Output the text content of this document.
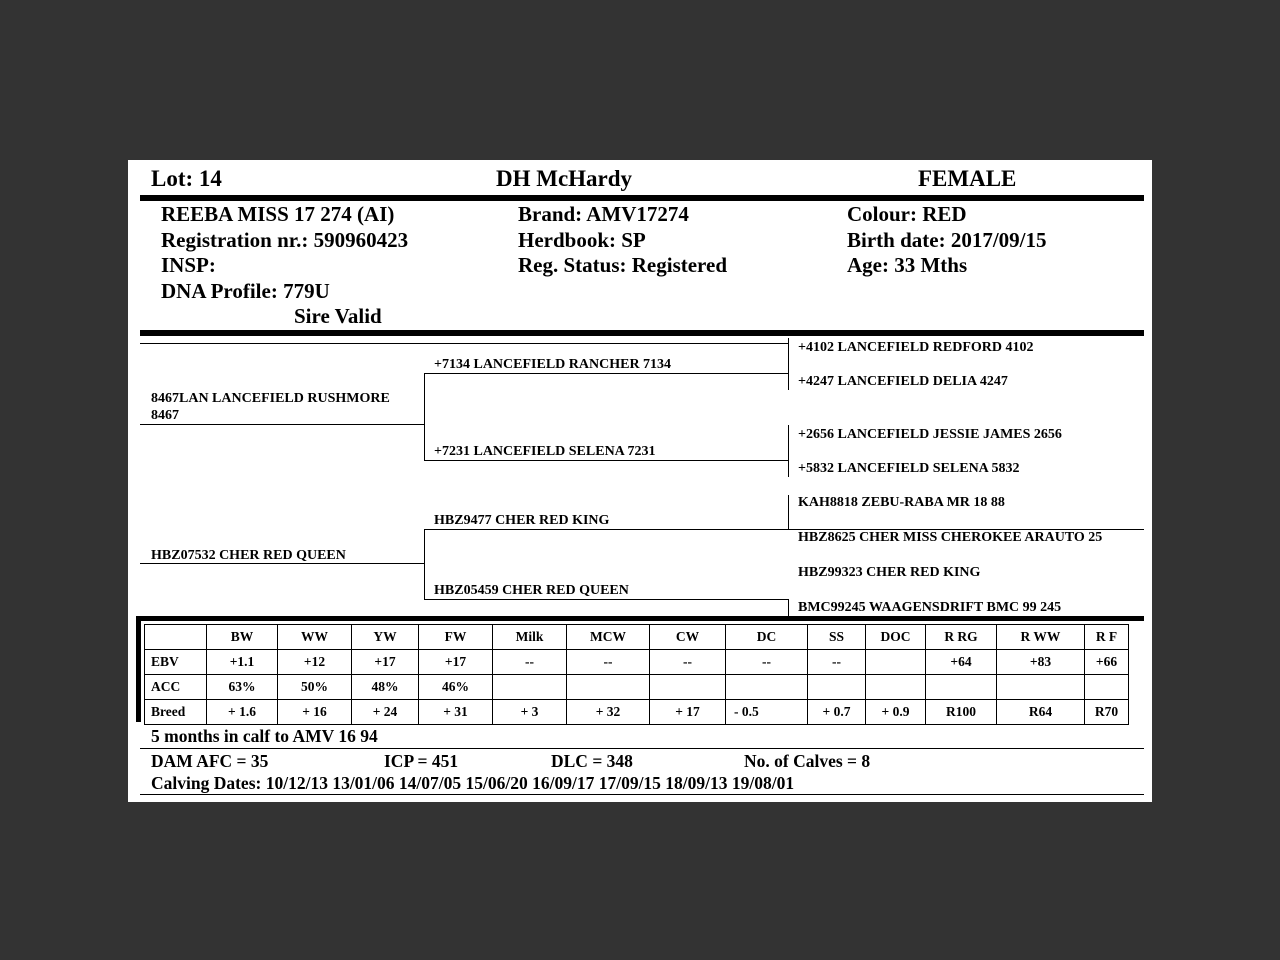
Lot: 14	DH McHardy	FEMALE
REEBA MISS 17 274 (AI)
Registration nr.: 590960423
INSP:
DNA Profile: 779U
Sire Valid
Brand: AMV17274
Herdbook: SP
Reg. Status: Registered
Colour: RED
Birth date: 2017/09/15
Age: 33 Mths
8467LAN LANCEFIELD RUSHMORE
8467
HBZ07532 CHER RED QUEEN
+7134 LANCEFIELD RANCHER 7134
+7231 LANCEFIELD SELENA 7231
HBZ9477 CHER RED KING
HBZ05459 CHER RED QUEEN
+4102 LANCEFIELD REDFORD 4102
+4247 LANCEFIELD DELIA 4247
+2656 LANCEFIELD JESSIE JAMES 2656
+5832 LANCEFIELD SELENA 5832
KAH8818 ZEBU-RABA MR 18 88
HBZ8625 CHER MISS CHEROKEE ARAUTO 25
HBZ99323 CHER RED KING
BMC99245 WAAGENSDRIFT BMC 99 245
	BW	WW	YW	FW	Milk	MCW	CW	DC	SS	DOC	R RG	R WW	R F
EBV	+1.1	+12	+17	+17	--	--	--	--	--		+64	+83	+66
ACC	63%	50%	48%	46%									
Breed	+ 1.6	+ 16	+ 24	+ 31	+ 3	+ 32	+ 17	- 0.5	+ 0.7	+ 0.9	R100	R64	R70
5 months in calf to AMV 16 94
DAM AFC = 35	ICP = 451	DLC = 348	No. of Calves = 8
Calving Dates: 10/12/13 13/01/06 14/07/05 15/06/20 16/09/17 17/09/15 18/09/13 19/08/01
